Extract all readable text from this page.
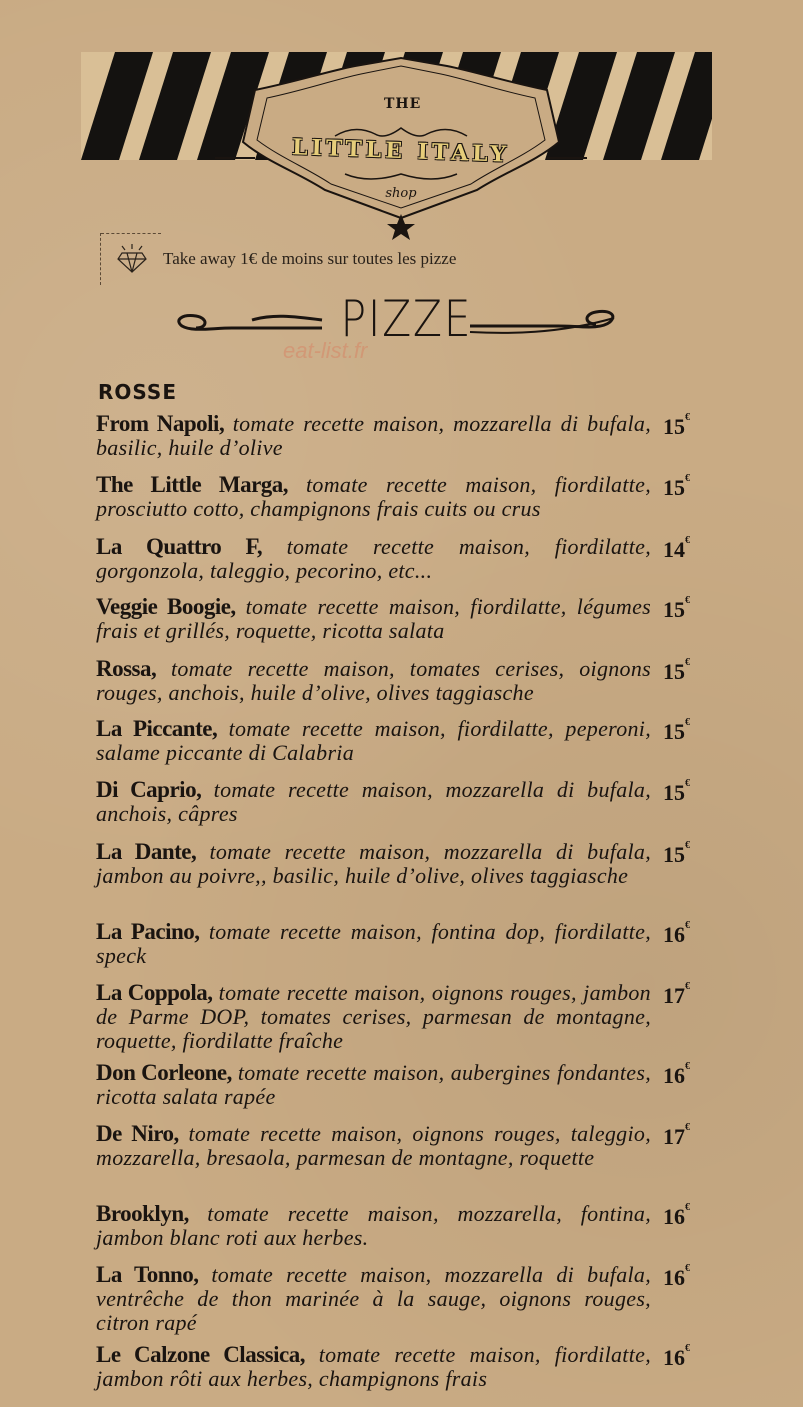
THE
LITTLE ITALY
shop
Take away 1€ de moins sur toutes les pizze
PIZZE
eat-list.fr
ROSSE
From Napoli, tomate recette maison, mozzarella di bufala, basilic, huile d’olive
15€
The Little Marga, tomate recette maison, fiordilatte, prosciutto cotto, champignons frais cuits ou crus
15€
La Quattro F, tomate recette maison, fiordilatte, gorgonzola, taleggio, pecorino, etc...
14€
Veggie Boogie, tomate recette maison, fiordilatte, légumes frais et grillés, roquette, ricotta salata
15€
Rossa, tomate recette maison, tomates cerises, oignons rouges, anchois, huile d’olive, olives taggiasche
15€
La Piccante, tomate recette maison, fiordilatte, peperoni, salame piccante di Calabria
15€
Di Caprio, tomate recette maison, mozzarella di bufala, anchois, câpres
15€
La Dante, tomate recette maison, mozzarella di bufala, jambon au poivre,, basilic, huile d’olive, olives taggiasche
15€
La Pacino, tomate recette maison, fontina dop, fiordilatte, speck
16€
La Coppola, tomate recette maison, oignons rouges, jambon de Parme DOP, tomates cerises, parmesan de montagne, roquette, fiordilatte fraîche
17€
Don Corleone, tomate recette maison, aubergines fondantes, ricotta salata rapée
16€
De Niro, tomate recette maison, oignons rouges, taleggio, mozzarella, bresaola, parmesan de montagne, roquette
17€
Brooklyn, tomate recette maison, mozzarella, fontina, jambon blanc roti aux herbes.
16€
La Tonno, tomate recette maison, mozzarella di bufala, ventrêche de thon marinée à la sauge, oignons rouges, citron rapé
16€
Le Calzone Classica, tomate recette maison, fiordilatte, jambon rôti aux herbes, champignons frais
16€
